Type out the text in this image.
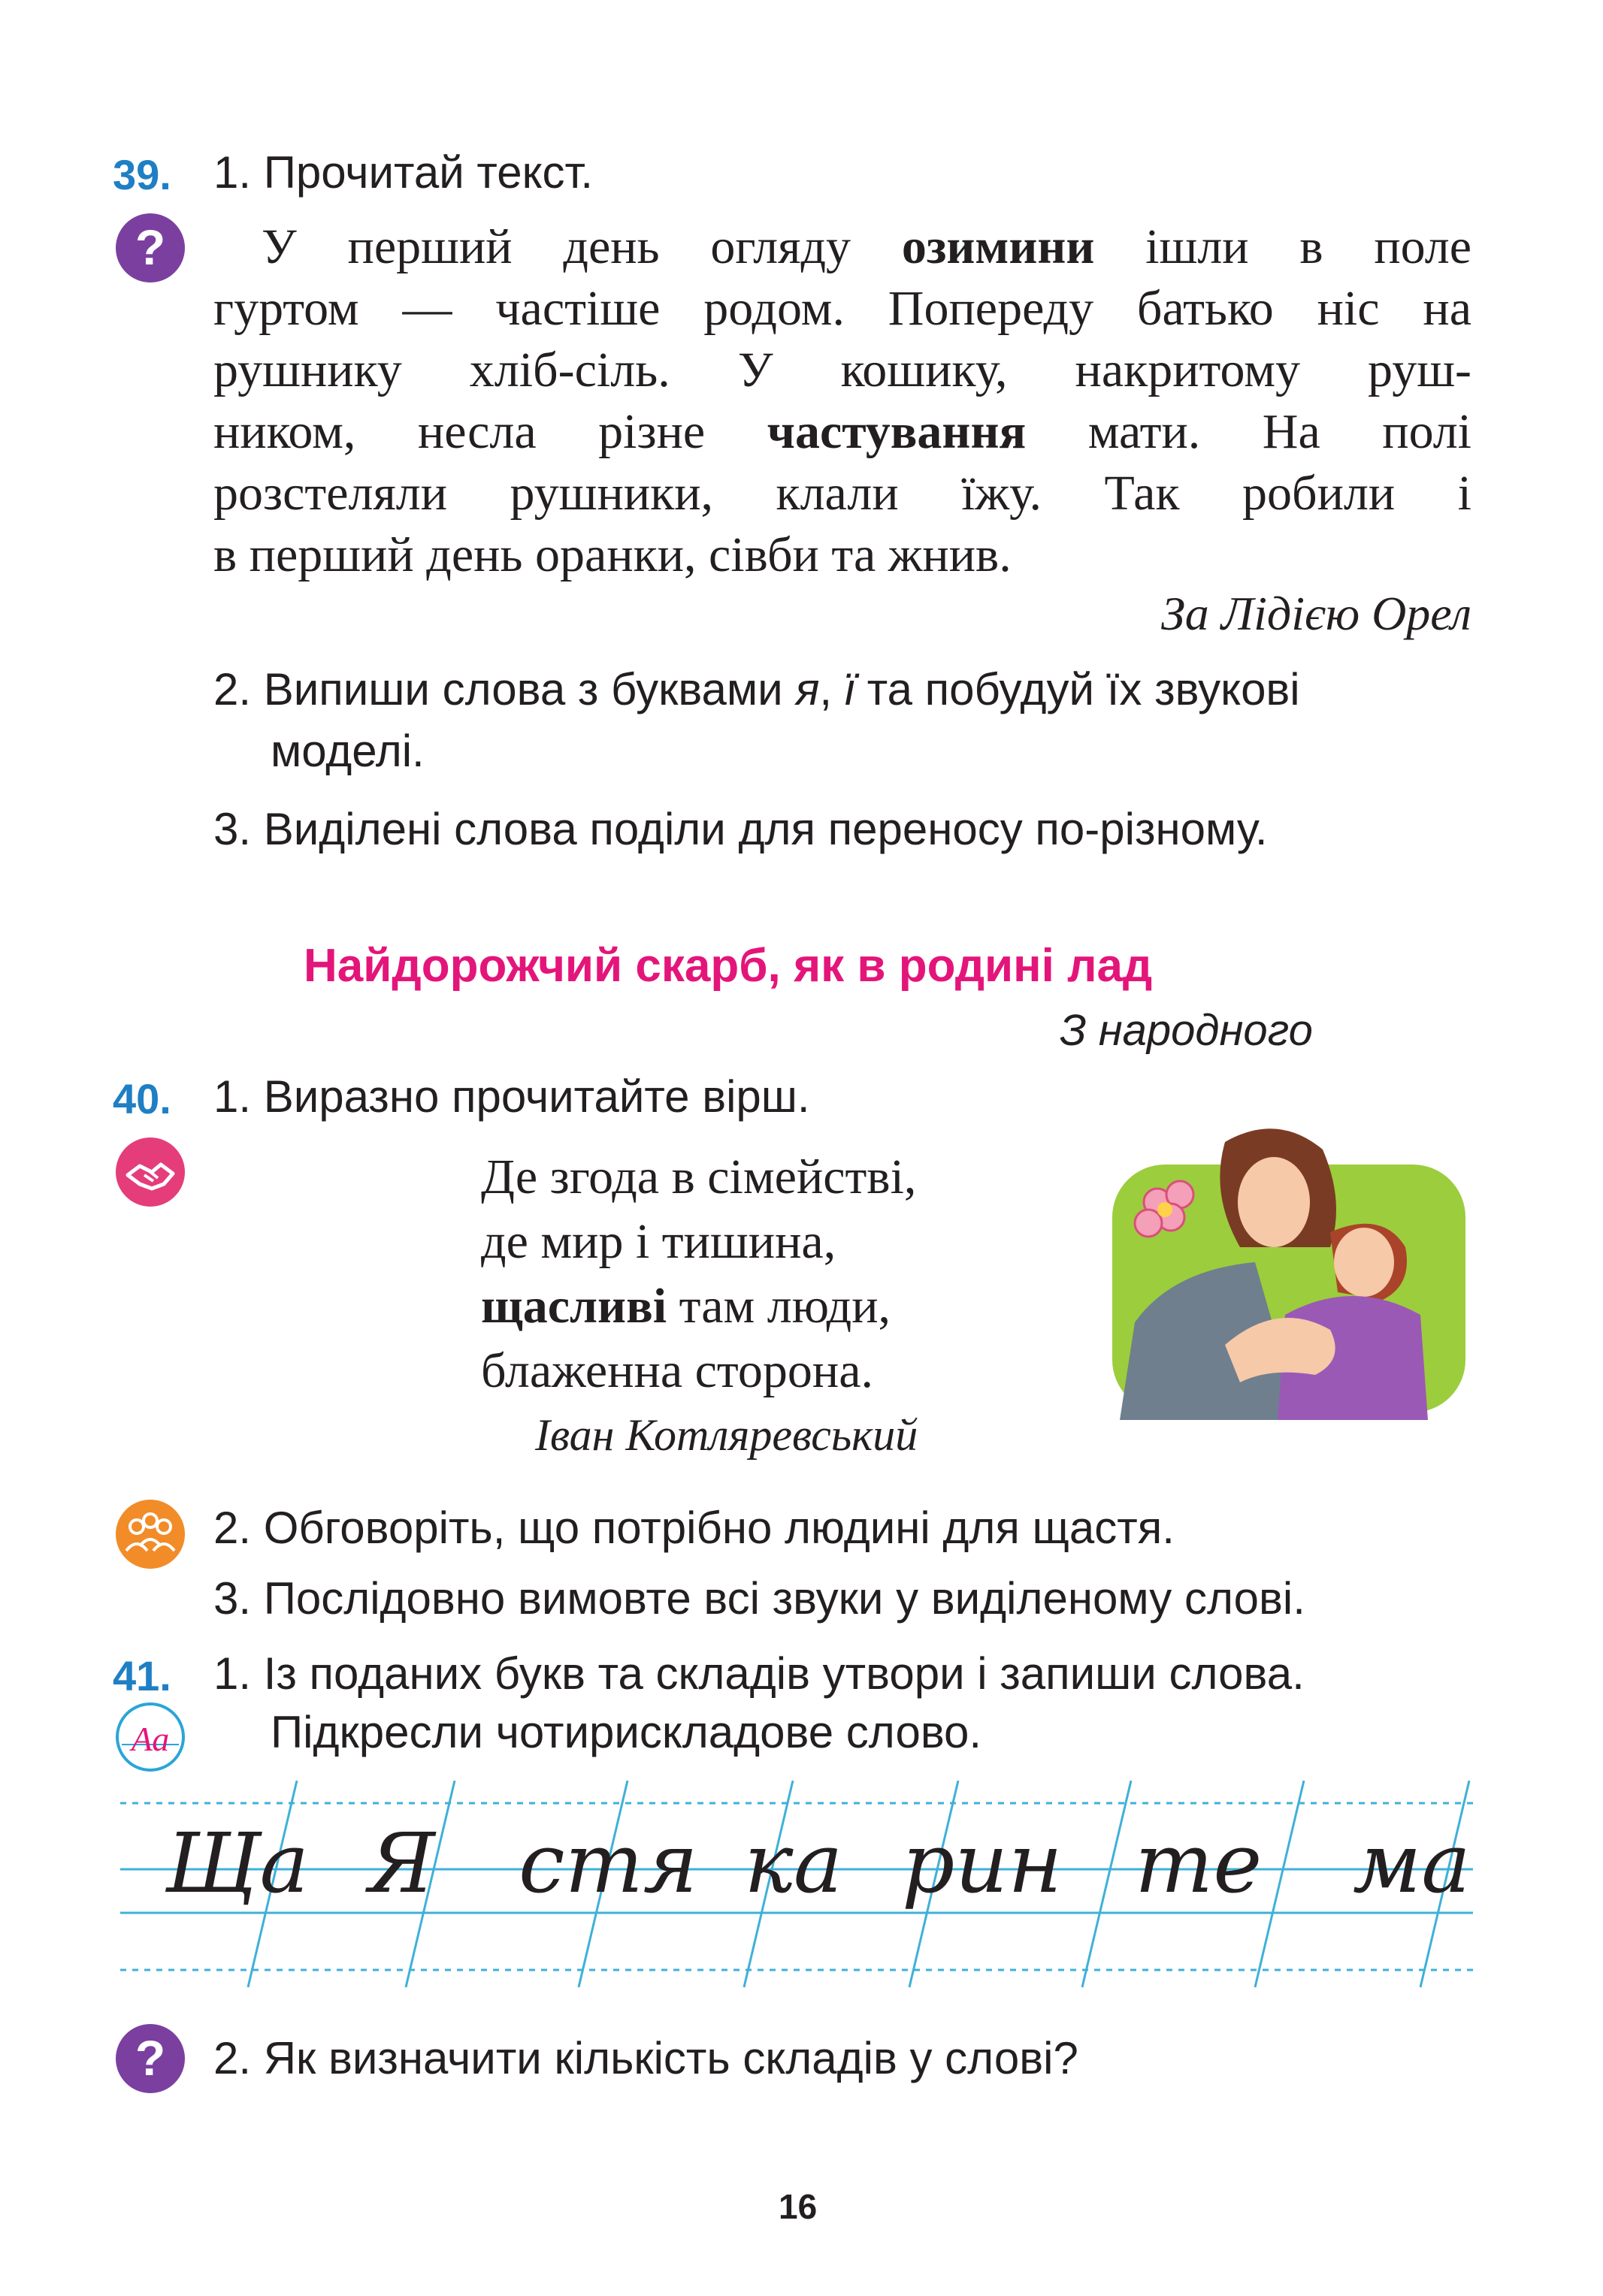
39. 1. Прочитай текст.
?	У перший день огляду озимини ішли в поле
гуртом — частіше родом. Попереду батько ніс на
рушнику хліб-сіль. У кошику, накритому руш-
ником, несла різне частування мати. На полі
розстеляли рушники, клали їжу. Так робили і
в перший день оранки, сівби та жнив.
За Лідією Орел
2. Випиши слова з буквами я, ї та побудуй їх звукові
моделі.
3. Виділені слова поділи для переносу по-різному.
Найдорожчий скарб, як в родині лад
З народного
40. 1. Виразно прочитайте вірш.
Де згода в сімействі,
де мир і тишина,
щасливі там люди,
блаженна сторона.
Іван Котляревський
2. Обговоріть, що потрібно людині для щастя.
3. Послідовно вимовте всі звуки у виділеному слові.
41. 1. Із поданих букв та складів утвори і запиши слова.
Підкресли чотирискладове слово.
Аа
Ща Я стя ка рин те ма
? 2. Як визначити кількість складів у слові?
16
